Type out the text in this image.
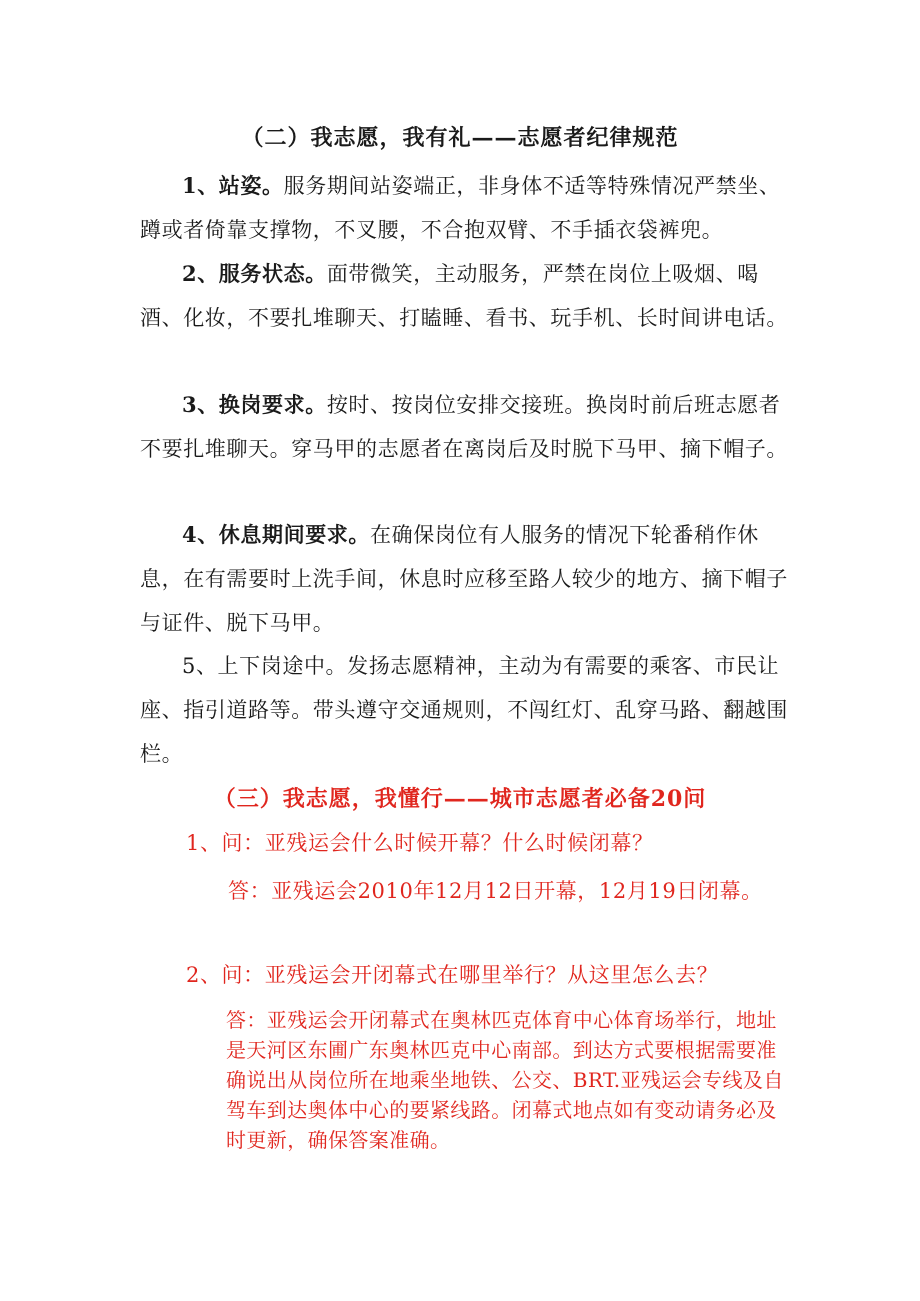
（二）我志愿，我有礼——志愿者纪律规范

1、站姿。服务期间站姿端正，非身体不适等特殊情况严禁坐、蹲或者倚靠支撑物，不叉腰，不合抱双臂、不手插衣袋裤兜。

2、服务状态。面带微笑，主动服务，严禁在岗位上吸烟、喝酒、化妆，不要扎堆聊天、打瞌睡、看书、玩手机、长时间讲电话。

3、换岗要求。按时、按岗位安排交接班。换岗时前后班志愿者不要扎堆聊天。穿马甲的志愿者在离岗后及时脱下马甲、摘下帽子。

4、休息期间要求。在确保岗位有人服务的情况下轮番稍作休息，在有需要时上洗手间，休息时应移至路人较少的地方、摘下帽子与证件、脱下马甲。

5、上下岗途中。发扬志愿精神，主动为有需要的乘客、市民让座、指引道路等。带头遵守交通规则，不闯红灯、乱穿马路、翻越围栏。

（三）我志愿，我懂行——城市志愿者必备20问
1、问：亚残运会什么时候开幕？什么时候闭幕？
答：亚残运会2010年12月12日开幕，12月19日闭幕。
2、问：亚残运会开闭幕式在哪里举行？从这里怎么去？
答：亚残运会开闭幕式在奥林匹克体育中心体育场举行，地址是天河区东圃广东奥林匹克中心南部。到达方式要根据需要准确说出从岗位所在地乘坐地铁、公交、BRT.亚残运会专线及自驾车到达奥体中心的要紧线路。闭幕式地点如有变动请务必及时更新，确保答案准确。
